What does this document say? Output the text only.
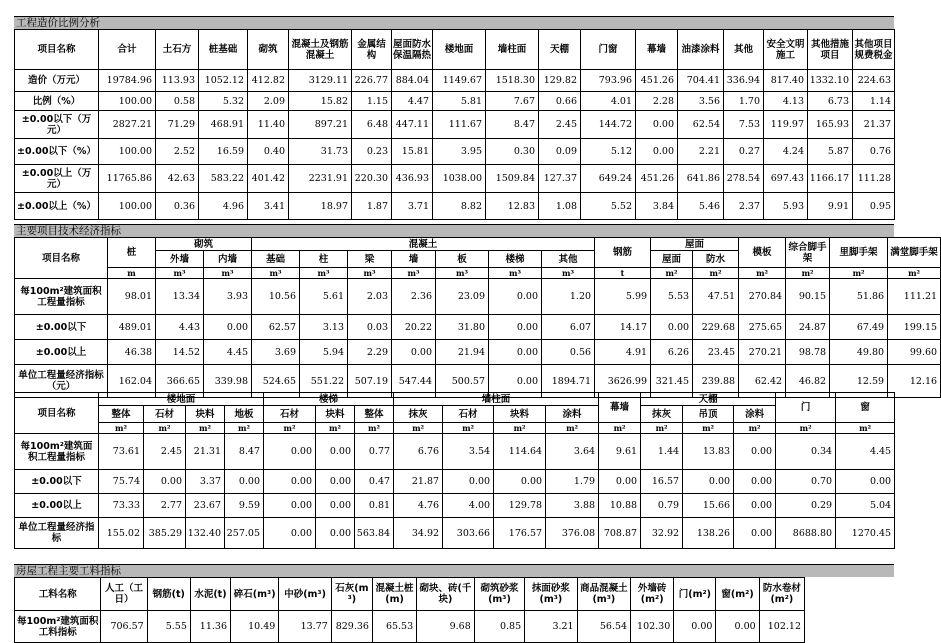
工程造价比例分析
项目名称	合计	土石方	桩基础	砌筑	混凝土及钢筋混凝土	金属结构	屋面防水保温隔热	楼地面	墙柱面	天棚	门窗	幕墙	油漆涂料	其他	安全文明施工	其他措施项目	其他项目规费税金
造价（万元）	19784.96	113.93	1052.12	412.82	3129.11	226.77	884.04	1149.67	1518.30	129.82	793.96	451.26	704.41	336.94	817.40	1332.10	224.63
比例（%）	100.00	0.58	5.32	2.09	15.82	1.15	4.47	5.81	7.67	0.66	4.01	2.28	3.56	1.70	4.13	6.73	1.14
±0.00以下（万元）	2827.21	71.29	468.91	11.40	897.21	6.48	447.11	111.67	8.47	2.45	144.72	0.00	62.54	7.53	119.97	165.93	21.37
±0.00以下（%）	100.00	2.52	16.59	0.40	31.73	0.23	15.81	3.95	0.30	0.09	5.12	0.00	2.21	0.27	4.24	5.87	0.76
±0.00以上（万元）	11765.86	42.63	583.22	401.42	2231.91	220.30	436.93	1038.00	1509.84	127.37	649.24	451.26	641.86	278.54	697.43	1166.17	111.28
±0.00以上（%）	100.00	0.36	4.96	3.41	18.97	1.87	3.71	8.82	12.83	1.08	5.52	3.84	5.46	2.37	5.93	9.91	0.95
主要项目技术经济指标
项目名称	桩	砌筑		混凝土							钢筋	屋面		模板	综合脚手架	里脚手架	满堂脚手架
		外墙	内墙	基础	柱	梁	墙	板	楼梯	其他		屋面	防水				
	m	m³	m³	m³	m³	m³	m³	m³	m³	m³	t	m²	m²	m²	m²	m²	m²
每100m²建筑面积工程量指标	98.01	13.34	3.93	10.56	5.61	2.03	2.36	23.09	0.00	1.20	5.99	5.53	47.51	270.84	90.15	51.86	111.21
±0.00以下	489.01	4.43	0.00	62.57	3.13	0.03	20.22	31.80	0.00	6.07	14.17	0.00	229.68	275.65	24.87	67.49	199.15
±0.00以上	46.38	14.52	4.45	3.69	5.94	2.29	0.00	21.94	0.00	0.56	4.91	6.26	23.45	270.21	98.78	49.80	99.60
单位工程量经济指标（元）	162.04	366.65	339.98	524.65	551.22	507.19	547.44	500.57	0.00	1894.71	3626.99	321.45	239.88	62.42	46.82	12.59	12.16
项目名称	楼地面				楼梯			墙柱面				幕墙	天棚			门	窗
	整体	石材	块料	地板	石材	块料	整体	抹灰	石材	块料	涂料		抹灰	吊顶	涂料		
	m²	m²	m²	m²	m²	m²	m²	m²	m²	m²	m²	m²	m²	m²	m²	m²	m²
每100m²建筑面积工程量指标	73.61	2.45	21.31	8.47	0.00	0.00	0.77	6.76	3.54	114.64	3.64	9.61	1.44	13.83	0.00	0.34	4.45
±0.00以下	75.74	0.00	3.37	0.00	0.00	0.00	0.47	21.87	0.00	0.00	1.79	0.00	16.57	0.00	0.00	0.70	0.00
±0.00以上	73.33	2.77	23.67	9.59	0.00	0.00	0.81	4.76	4.00	129.78	3.88	10.88	0.79	15.66	0.00	0.29	5.04
单位工程量经济指标	155.02	385.29	132.40	257.05	0.00	0.00	563.84	34.92	303.66	176.57	376.08	708.87	32.92	138.26	0.00	8688.80	1270.45
房屋工程主要工料指标
工料名称	人工（工日）	钢筋(t)	水泥(t)	碎石(m³)	中砂(m³)	石灰(m³)	混凝土桩(m)	砌块、砖(千块)	砌筑砂浆(m³)	抹面砂浆(m³)	商品混凝土(m³)	外墙砖(m²)	门(m²)	窗(m²)	防水卷材(m²)
每100m²建筑面积工料指标	706.57	5.55	11.36	10.49	13.77	829.36	65.53	9.68	0.85	3.21	56.54	102.30	0.00	0.00	102.12
